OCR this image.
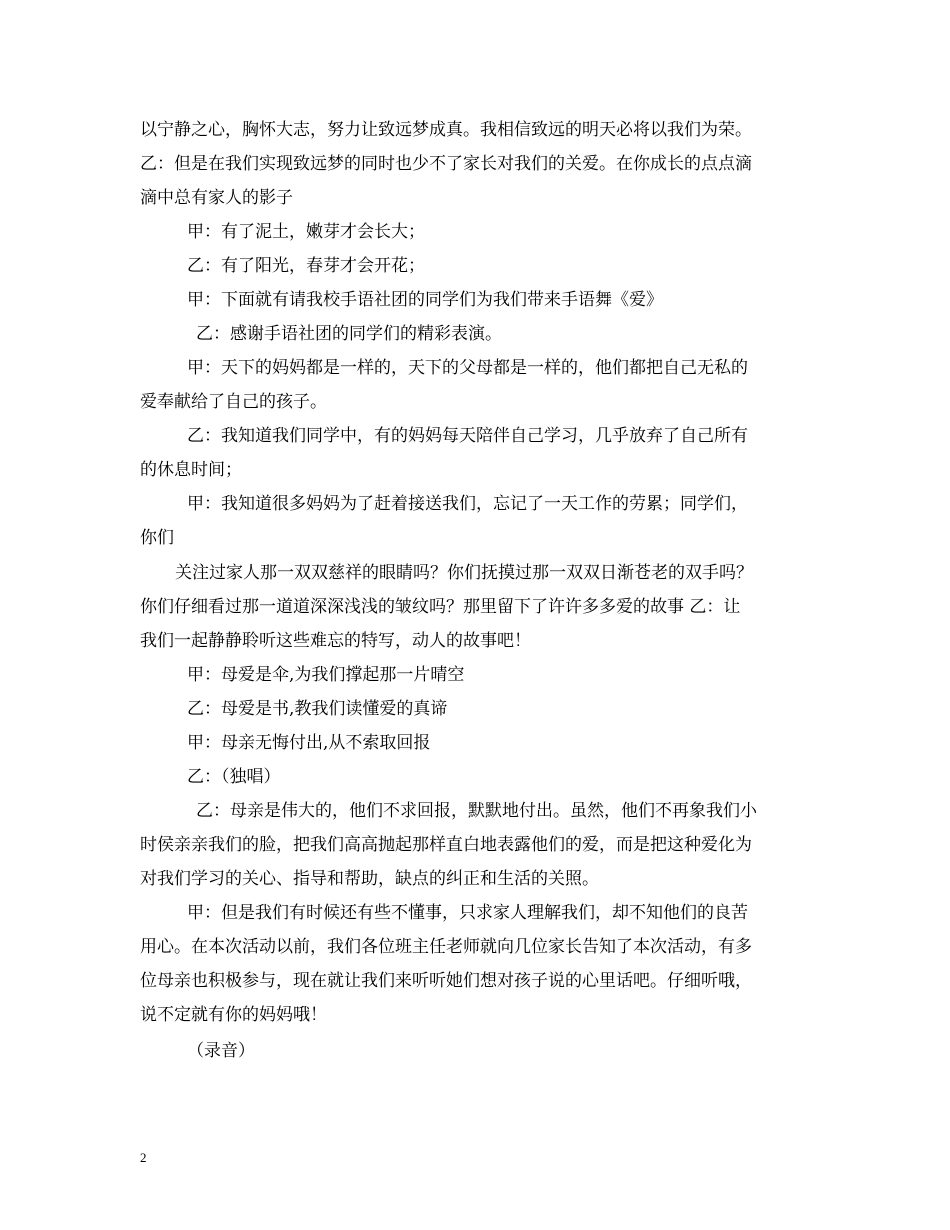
以宁静之心，胸怀大志，努力让致远梦成真。我相信致远的明天必将以我们为荣。
乙：但是在我们实现致远梦的同时也少不了家长对我们的关爱。在你成长的点点滴
滴中总有家人的影子
甲：有了泥土，嫩芽才会长大；
乙：有了阳光，春芽才会开花；
甲：下面就有请我校手语社团的同学们为我们带来手语舞《爱》
乙：感谢手语社团的同学们的精彩表演。
甲：天下的妈妈都是一样的，天下的父母都是一样的，他们都把自己无私的
爱奉献给了自己的孩子。
乙：我知道我们同学中，有的妈妈每天陪伴自己学习，几乎放弃了自己所有
的休息时间；
甲：我知道很多妈妈为了赶着接送我们，忘记了一天工作的劳累；同学们，
你们
关注过家人那一双双慈祥的眼睛吗？你们抚摸过那一双双日渐苍老的双手吗？
你们仔细看过那一道道深深浅浅的皱纹吗？那里留下了许许多多爱的故事 乙：让
我们一起静静聆听这些难忘的特写，动人的故事吧！
甲：母爱是伞,为我们撑起那一片晴空
乙：母爱是书,教我们读懂爱的真谛
甲：母亲无悔付出,从不索取回报
乙：（独唱）
乙：母亲是伟大的，他们不求回报，默默地付出。虽然，他们不再象我们小
时侯亲亲我们的脸，把我们高高抛起那样直白地表露他们的爱，而是把这种爱化为
对我们学习的关心、指导和帮助，缺点的纠正和生活的关照。
甲：但是我们有时候还有些不懂事，只求家人理解我们，却不知他们的良苦
用心。在本次活动以前，我们各位班主任老师就向几位家长告知了本次活动，有多
位母亲也积极参与，现在就让我们来听听她们想对孩子说的心里话吧。仔细听哦，
说不定就有你的妈妈哦！
（录音）
2
